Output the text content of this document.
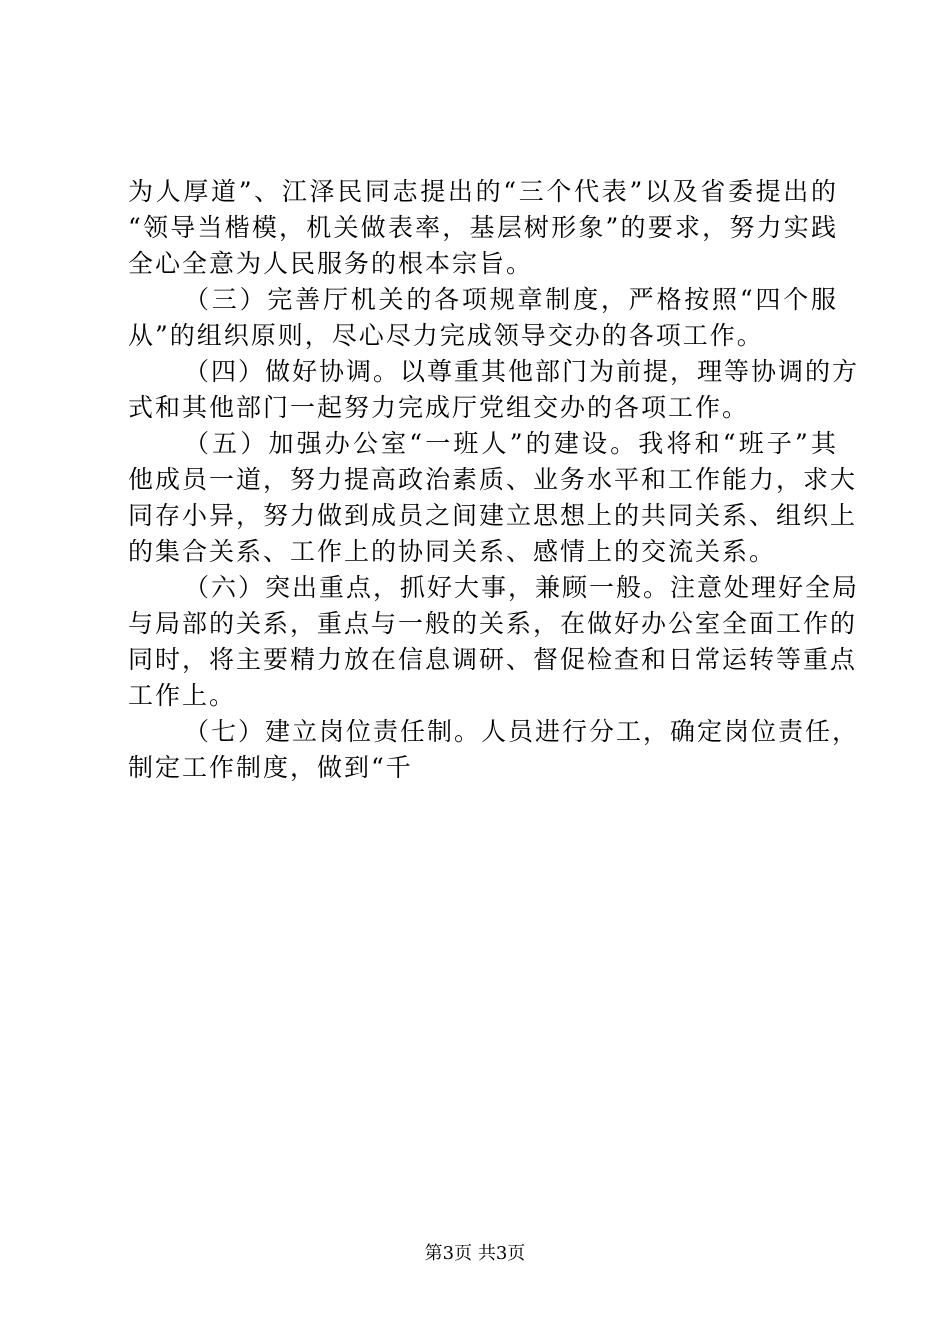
为人厚道”、江泽民同志提出的“三个代表”以及省委提出的
“领导当楷模，机关做表率，基层树形象”的要求，努力实践
全心全意为人民服务的根本宗旨。
（三）完善厅机关的各项规章制度，严格按照“四个服
从”的组织原则，尽心尽力完成领导交办的各项工作。
（四）做好协调。以尊重其他部门为前提，理等协调的方
式和其他部门一起努力完成厅党组交办的各项工作。
（五）加强办公室“一班人”的建设。我将和“班子”其
他成员一道，努力提高政治素质、业务水平和工作能力，求大
同存小异，努力做到成员之间建立思想上的共同关系、组织上
的集合关系、工作上的协同关系、感情上的交流关系。
（六）突出重点，抓好大事，兼顾一般。注意处理好全局
与局部的关系，重点与一般的关系，在做好办公室全面工作的
同时，将主要精力放在信息调研、督促检查和日常运转等重点
工作上。
（七）建立岗位责任制。人员进行分工，确定岗位责任，
制定工作制度，做到“千
第3页 共3页
